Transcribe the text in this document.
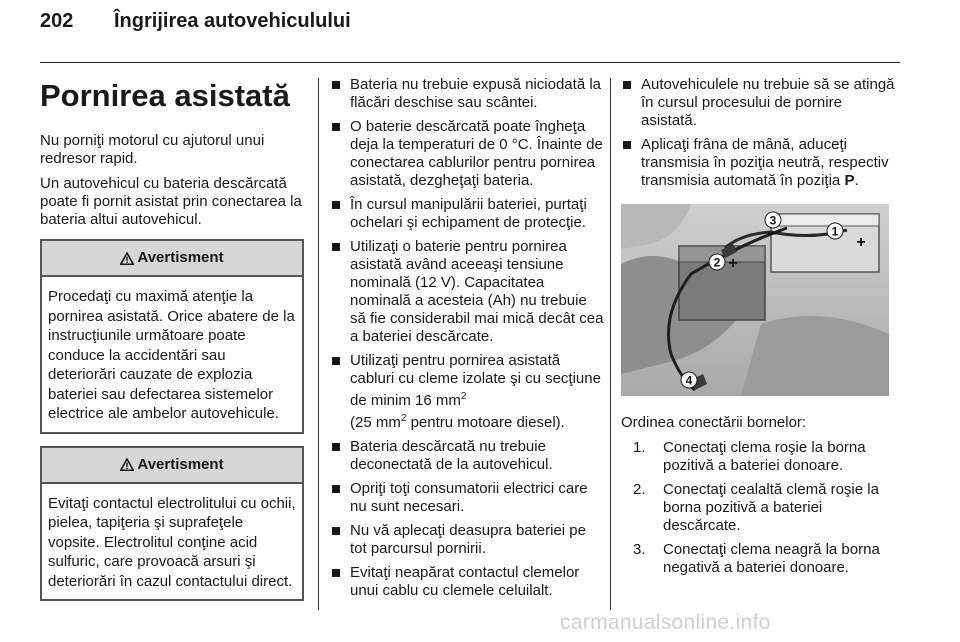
202 Îngrijirea autovehiculului
Pornirea asistată

Nu porniţi motorul cu ajutorul unui redresor rapid.

Un autovehicul cu bateria descărcată poate fi pornit asistat prin conectarea la bateria altui autovehicul.

Avertisment
Procedaţi cu maximă atenţie la pornirea asistată. Orice abatere de la instrucţiunile următoare poate conduce la accidentări sau deteriorări cauzate de explozia bateriei sau defectarea sistemelor electrice ale ambelor autovehicule.
Avertisment
Evitaţi contactul electrolitului cu ochii, pielea, tapiţeria şi suprafeţele vopsite. Electrolitul conţine acid sulfuric, care provoacă arsuri şi deteriorări în cazul contactului direct.
Bateria nu trebuie expusă niciodată la flăcări deschise sau scântei.
O baterie descărcată poate îngheţa deja la temperaturi de 0 °C. Înainte de conectarea cablurilor pentru pornirea asistată, dezgheţaţi bateria.
În cursul manipulării bateriei, purtaţi ochelari şi echipament de protecţie.
Utilizaţi o baterie pentru pornirea asistată având aceeaşi tensiune nominală (12 V). Capacitatea nominală a acesteia (Ah) nu trebuie să fie considerabil mai mică decât cea a bateriei descărcate.
Utilizaţi pentru pornirea asistată cabluri cu cleme izolate şi cu secţiune de minim 16 $mm^2$
(25 $mm^2$ pentru motoare diesel).
Bateria descărcată nu trebuie deconectată de la autovehicul.
Opriţi toţi consumatorii electrici care nu sunt necesari.
Nu vă aplecaţi deasupra bateriei pe tot parcursul pornirii.
Evitaţi neapărat contactul clemelor unui cablu cu clemele celuilalt.
Autovehiculele nu trebuie să se atingă în cursul procesului de pornire asistată.
Aplicaţi frâna de mână, aduceţi transmisia în poziţia neutră, respectiv transmisia automată în poziţia P.
1
+
3
−
2 +
4

Ordinea conectării bornelor:

1. Conectaţi clema roşie la borna pozitivă a bateriei donoare.
2. Conectaţi cealaltă clemă roşie la borna pozitivă a bateriei descărcate.
3. Conectaţi clema neagră la borna negativă a bateriei donoare.
carmanualsonline.info
